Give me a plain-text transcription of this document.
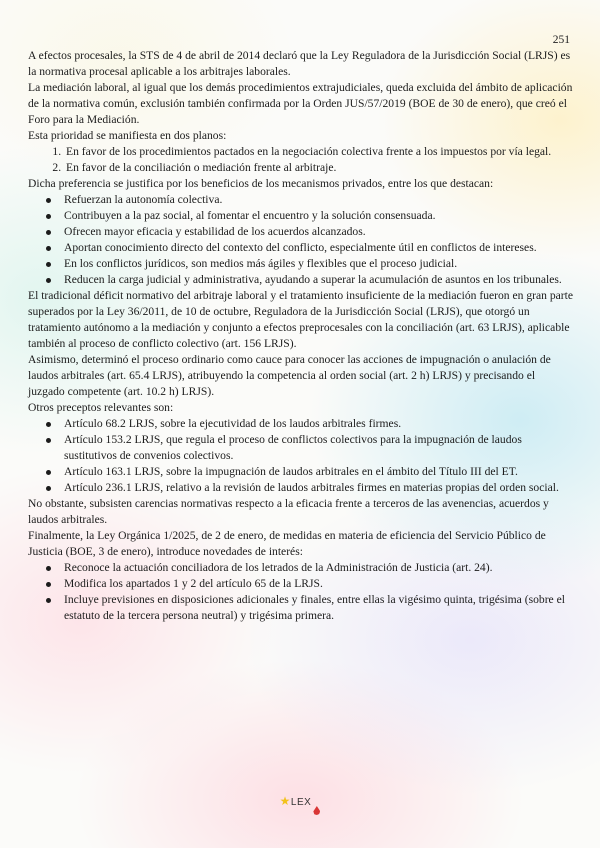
251

A efectos procesales, la STS de 4 de abril de 2014 declaró que la Ley Reguladora de la Jurisdicción Social (LRJS) es la normativa procesal aplicable a los arbitrajes laborales.

La mediación laboral, al igual que los demás procedimientos extrajudiciales, queda excluida del ámbito de aplicación de la normativa común, exclusión también confirmada por la Orden JUS/57/2019 (BOE de 30 de enero), que creó el Foro para la Mediación.

Esta prioridad se manifiesta en dos planos:

1. En favor de los procedimientos pactados en la negociación colectiva frente a los impuestos por vía legal.
2. En favor de la conciliación o mediación frente al arbitraje.

Dicha preferencia se justifica por los beneficios de los mecanismos privados, entre los que destacan:

Refuerzan la autonomía colectiva.
Contribuyen a la paz social, al fomentar el encuentro y la solución consensuada.
Ofrecen mayor eficacia y estabilidad de los acuerdos alcanzados.
Aportan conocimiento directo del contexto del conflicto, especialmente útil en conflictos de intereses.
En los conflictos jurídicos, son medios más ágiles y flexibles que el proceso judicial.
Reducen la carga judicial y administrativa, ayudando a superar la acumulación de asuntos en los tribunales.

El tradicional déficit normativo del arbitraje laboral y el tratamiento insuficiente de la mediación fueron en gran parte superados por la Ley 36/2011, de 10 de octubre, Reguladora de la Jurisdicción Social (LRJS), que otorgó un tratamiento autónomo a la mediación y conjunto a efectos preprocesales con la conciliación (art. 63 LRJS), aplicable también al proceso de conflicto colectivo (art. 156 LRJS).

Asimismo, determinó el proceso ordinario como cauce para conocer las acciones de impugnación o anulación de laudos arbitrales (art. 65.4 LRJS), atribuyendo la competencia al orden social (art. 2 h) LRJS) y precisando el juzgado competente (art. 10.2 h) LRJS).

Otros preceptos relevantes son:

Artículo 68.2 LRJS, sobre la ejecutividad de los laudos arbitrales firmes.
Artículo 153.2 LRJS, que regula el proceso de conflictos colectivos para la impugnación de laudos sustitutivos de convenios colectivos.
Artículo 163.1 LRJS, sobre la impugnación de laudos arbitrales en el ámbito del Título III del ET.
Artículo 236.1 LRJS, relativo a la revisión de laudos arbitrales firmes en materias propias del orden social.

No obstante, subsisten carencias normativas respecto a la eficacia frente a terceros de las avenencias, acuerdos y laudos arbitrales.

Finalmente, la Ley Orgánica 1/2025, de 2 de enero, de medidas en materia de eficiencia del Servicio Público de Justicia (BOE, 3 de enero), introduce novedades de interés:

Reconoce la actuación conciliadora de los letrados de la Administración de Justicia (art. 24).
Modifica los apartados 1 y 2 del artículo 65 de la LRJS.
Incluye previsiones en disposiciones adicionales y finales, entre ellas la vigésimo quinta, trigésima (sobre el estatuto de la tercera persona neutral) y trigésima primera.
★LEX
